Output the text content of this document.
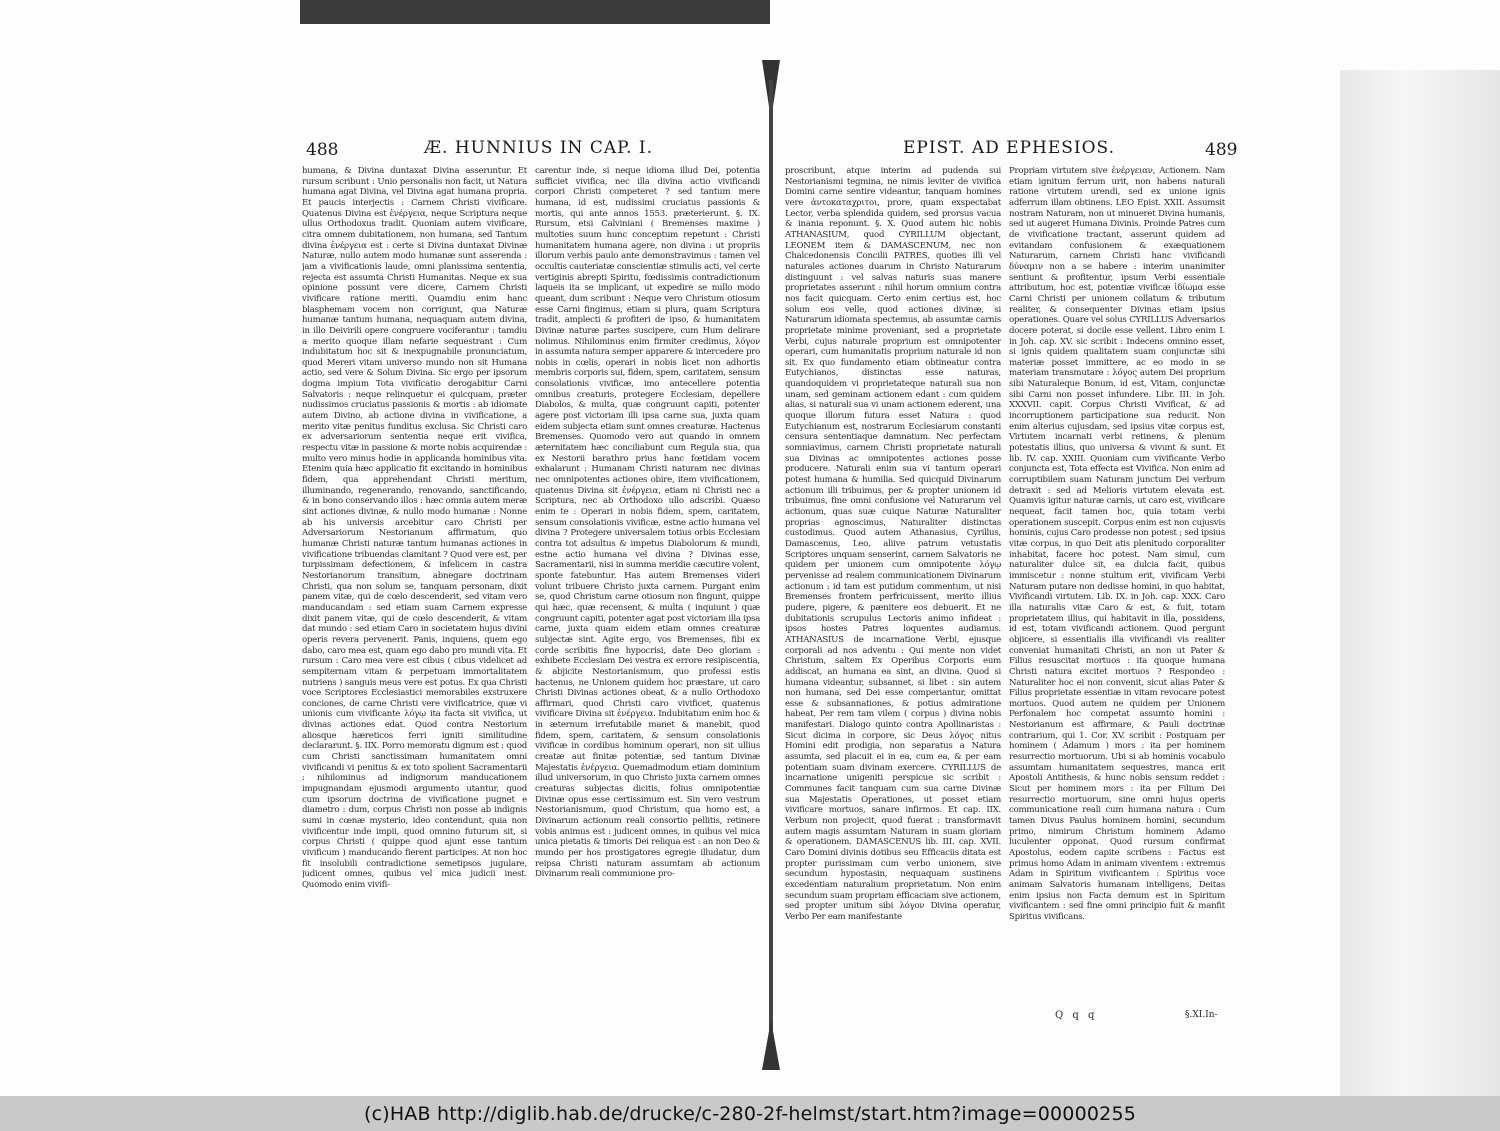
488	Æ. HUNNIUS IN CAP. I.

humana, & Divina duntaxat Divina asseruntur. Et rursum scribunt : Unio personalis non facit, ut Natura humana agat Divina, vel Divina agat humana propria. Et paucis interjectis : Carnem Christi vivificare. Quatenus Divina est ἐνέργεια, neque Scriptura neque ullus Orthodoxus tradit. Quoniam autem vivificare, citra omnem dubitationem, non humana, sed Tantum divina ἐνέργεια est : certe si Divina duntaxat Divinæ Naturæ, nullo autem modo humanæ sunt asserenda : jam a vivificationis laude, omni planissima sententia, rejecta est assumta Christi Humanitas. Neque ex sua opinione possunt vere dicere, Carnem Christi vivificare ratione meriti. Quamdiu enim hanc blasphemam vocem non corrigunt, qua Naturæ humanæ tantum humana, nequaquam autem divina, in illo Deivirili opere congruere vociferantur : tamdiu a merito quoque illam nefarie sequestrant : Cum indubitatum hoc sit & inexpugnabile pronunciatum, quod Mereri vitam universo mundo non sit Humana actio, sed vere & Solum Divina. Sic ergo per ipsorum dogma impium Tota vivificatio derogabitur Carni Salvatoris : neque relinquetur ei quicquam, præter nudissimos cruciatus passionis & mortis : ab idiomate autem Divino, ab actione divina in vivificatione, a merito vitæ penitus funditus exclusa. Sic Christi caro ex adversariorum sententia neque erit vivifica, respectu vitæ in passione & morte nobis acquirendæ : multo vero minus hodie in applicanda hominibus vita. Etenim quia hæc applicatio fit excitando in hominibus fidem, qua apprehendant Christi meritum, illuminando, regenerando, renovando, sanctificando, & in bono conservando illos : hæc omnia autem meræ sint actiones divinæ, & nullo modo humanæ : Nonne ab his universis arcebitur caro Christi per Adversariorum Nestorianum affirmatum, quo humanæ Christi naturæ tantum humanas actiones in vivificatione tribuendas clamitant ? Quod vere est, per turpissimam defectionem, & infelicem in castra Nestorianorum transitum, abnegare doctrinam Christi, qua non solum se, tanquam personam, dixit panem vitæ, qui de cœlo descenderit, sed vitam vero manducandam : sed etiam suam Carnem expresse dixit panem vitæ, qui de cœlo descenderit, & vitam dat mundo : sed etiam Caro in societatem hujus divini operis revera pervenerit. Panis, inquiens, quem ego dabo, caro mea est, quam ego dabo pro mundi vita. Et rursum : Caro mea vere est cibus ( cibus videlicet ad sempiternam vitam & perpetuam immortalitatem nutriens ) sanguis meus vere est potus. Ex qua Christi voce Scriptores Ecclesiastici memorabiles exstruxere conciones, de carne Christi vere vivificatrice, quæ vi unionis cum vivificante λόγῳ ita facta sit vivifica, ut divinas actiones edat. Quod contra Nestorium aliosque hæreticos ferri igniti similitudine declararunt. §. IIX. Porro memoratu dignum est : quod cum Christi sanctissimam humanitatem omni vivificandi vi penitus & ex toto spolient Sacramentarii : nihilominus ad indignorum manducationem impugnandam ejusmodi argumento utantur, quod cum ipsorum doctrina de vivificatione pugnet e diametro : dum, corpus Christi non posse ab indignis sumi in cœnæ mysterio, ideo contendunt, quia non vivificentur inde impii, quod omnino futurum sit, si corpus Christi ( quippe quod ajunt esse tantum vivificum ) manducando fierent participes. At non hoc fit insolubili contradictione semetipsos jugulare, judicent omnes, quibus vel mica judicii inest. Quomodo enim vivifi-

carentur inde, si neque idioma illud Dei, potentia sufficiet vivifica, nec illa divina actio vivificandi corpori Christi competeret ? sed tantum mere humana, id est, nudissimi cruciatus passionis & mortis, qui ante annos 1553. præterierunt. §. IX. Rursum, etsi Calviniani ( Bremenses maxime ) multoties suum hunc conceptum repetunt : Christi humanitatem humana agere, non divina : ut propriis illorum verbis paulo ante demonstravimus : tamen vel occultis cauteriatæ conscientiæ stimulis acti, vel certe vertiginis abrepti Spiritu, fœdissimis contradictionum laqueis ita se implicant, ut expedire se nullo modo queant, dum scribunt : Neque vero Christum otiosum esse Carni fingimus, etiam si plura, quam Scriptura tradit, amplecti & profiteri de ipso, & humanitatem Divinæ naturæ partes suscipere, cum Hum delirare nolimus. Nihilominus enim firmiter credimus, λόγον in assumta natura semper apparere & intercedere pro nobis in cœlis, operari in nobis licet non adhortis membris corporis sui, fidem, spem, caritatem, sensum consolationis vivificæ, imo antecellere potentia omnibus creaturis, protegere Ecclesiam, depellere Diabolos, & multa, quæ congruunt capiti, potenter agere post victoriam illi ipsa carne sua, juxta quam eidem subjecta etiam sunt omnes creaturæ. Hactenus Bremenses. Quomodo vero aut quando in omnem æternitatem hæc conciliabunt cum Regula sua, qua ex Nestorii barathro prius hanc fœtidam vocem exhalarunt : Humanam Christi naturam nec divinas nec omnipotentes actiones obire, item vivificationem, quatenus Divina sit ἐνέργεια, etiam ni Christi nec a Scriptura, nec ab Orthodoxo ullo adscribi. Quæso enim te : Operari in nobis fidem, spem, caritatem, sensum consolationis vivificæ, estne actio humana vel divina ? Protegere universalem totius orbis Ecclesiam contra tot adsultus & impetus Diabolorum & mundi, estne actio humana vel divina ? Divinas esse, Sacramentarii, nisi in summa meridie cæcutire volent, sponte fatebuntur. Has autem Bremenses videri volunt tribuere Christo juxta carnem. Purgant enim se, quod Christum carne otiosum non fingunt, quippe qui hæc, quæ recensent, & multa ( inquiunt ) quæ congruunt capiti, potenter agat post victoriam illa ipsa carne, juxta quam eidem etiam omnes creaturæ subjectæ sint. Agite ergo, vos Bremenses, fibi ex corde scribitis fine hypocrisi, date Deo gloriam : exhibete Ecclesiam Dei vestra ex errore resipiscentia, & abjicite Nestorianismum, quo professi estis hactenus, ne Unionem quidem hoc præstare, ut caro Christi Divinas actiones obeat, & a nullo Orthodoxo affirmari, quod Christi caro vivificet, quatenus vivificare Divina sit ἐνέργεια. Indubitatum enim hoc & in æternum irrefutabile manet & manebit, quod fidem, spem, caritatem, & sensum consolationis vivificæ in cordibus hominum operari, non sit ullius creatæ aut finitæ potentiæ, sed tantum Divinæ Majestatis ἐνέργεια. Quemadmodum etiam dominium illud universorum, in quo Christo juxta carnem omnes creaturas subjectas dicitis, folius omnipotentiæ Divinæ opus esse certissimum est. Sin vero vestrum Nestorianismum, quod Christum, qua homo est, a Divinarum actionum reali consortio pellitis, retinere vobis animus est : judicent omnes, in quibus vel mica unica pietatis & timoris Dei reliqua est : an non Deo & mundo per hos prostigatores egregie illudatur, dum reipsa Christi naturam assumtam ab actionum Divinarum reali communione pro-

EPIST. AD EPHESIOS.	489

proscribunt, atque interim ad pudenda sui Nestorianismi tegmina, ne nimis leviter de vivifica Domini carne sentire videantur, tanquam homines vere ἀντοκαταχριτοι, prore, quam exspectabat Lector, verba splendida quidem, sed prorsus vacua & inania reponunt. §. X. Quod autem hic nobis ATHANASIUM, quod CYRILLUM objectant, LEONEM item & DAMASCENUM, nec non Chalcedonensis Concilii PATRES, quoties illi vel naturales actiones duarum in Christo Naturarum distinguunt : vel salvas naturis suas manere proprietates asserunt : nihil horum omnium contra nos facit quicquam. Certo enim certius est, hoc solum eos velle, quod actiones divinæ, si Naturarum idiomata spectemus, ab assumtæ carnis proprietate minime proveniant, sed a proprietate Verbi, cujus naturale proprium est omnipotenter operari, cum humanitatis proprium naturale id non sit. Ex quo fundamento etiam obtineatur contra Eutychianos, distinctas esse naturas, quandoquidem vi proprietateque naturali sua non unam, sed geminam actionem edant : cum quidem alias, si naturali sua vi unam actionem ederent, una quoque illorum futura esset Natura : quod Eutychianum est, nostrarum Ecclesiarum constanti censura sententiaque damnatum. Nec perfectam somniavimus, carnem Christi proprietate naturali sua Divinas ac omnipotentes actiones posse producere. Naturali enim sua vi tantum operari potest humana & humilia. Sed quicquid Divinarum actionum illi tribuimus, per & propter unionem id tribuimus, fine omni confusione vel Naturarum vel actionum, quas suæ cuique Naturæ Naturaliter proprias agnoscimus, Naturaliter distinctas custodimus. Quod autem Athanasius, Cyrillus, Damascenus, Leo, aliive patrum vetustatis Scriptores unquam senserint, carnem Salvatoris ne quidem per unionem cum omnipotente λόγῳ pervenisse ad realem communicationem Divinarum actionum : id tam est putidum commentum, ut nisi Bremenses frontem perfricuissent, merito illius pudere, pigere, & pænitere eos debuerit. Et ne dubitationis scrupulus Lectoris animo infideat : ipsos hostes Patres loquentes audiamus. ATHANASIUS de incarnatione Verbi, ejusque corporali ad nos adventu : Qui mente non videt Christum, saltem Ex Operibus Corporis eum addiscat, an humana ea sint, an divina. Quod si humana videantur, subsannet, si libet : sin autem non humana, sed Dei esse comperiantur, omittat esse & subsannationes, & potius admiratione habeat, Per rem tam vilem ( corpus ) divina nobis manifestari. Dialogo quinto contra Apollinaristas : Sicut dicima in corpore, sic Deus λόγος nitus Homini edit prodigia, non separatus a Natura assumta, sed placuit ei in ea, cum ea, & per eam potentiam suam divinam exercere. CYRILLUS de incarnatione unigeniti perspicue sic scribit : Communes facit tanquam cum sua carne Divinæ sua Majestatis Operationes, ut posset etiam vivificare mortuos, sanare infirmos. Et cap. IIX. Verbum non projecit, quod fuerat : transformavit autem magis assumtam Naturam in suam gloriam & operationem. DAMASCENUS lib. III. cap. XVII. Caro Domini divinis dotibus seu Efficaciis ditata est propter purissimam cum verbo unionem, sive secundum hypostasin, nequaquam sustinens excedentiam naturalium proprietatum. Non enim secundum suam propriam efficaciam sive actionem, sed propter unitum sibi λόγον Divina operatur, Verbo Per eam manifestante

Propriam virtutem sive ἐνέργειαν, Actionem. Nam etiam ignitum ferrum urit, non habens naturali ratione virtutem urendi, sed ex unione ignis adferrum illam obtinens. LEO Epist. XXII. Assumsit nostram Naturam, non ut minueret Divina humanis, sed ut augeret Humana Divinis. Proinde Patres cum de vivificatione tractant, asserunt quidem ad evitandam confusionem & exæquationem Naturarum, carnem Christi hanc vivificandi δύναμιν non a se habere : interim unanimiter sentiunt & profitentur, ipsum Verbi essentiale attributum, hoc est, potentiæ vivificæ ἰδίωμα esse Carni Christi per unionem collatum & tributum realiter, & consequenter Divinas etiam ipsius operationes. Quare vel solus CYRILLUS Adversarios docere poterat, si docile esse vellent. Libro enim I. in Joh. cap. XV. sic scribit : Indecens omnino esset, si ignis quidem qualitatem suam conjunctæ sibi materiæ posset immittere, ac eo modo in se materiam transmutare : λόγος autem Dei proprium sibi Naturaleque Bonum, id est, Vitam, conjunctæ sibi Carni non posset infundere. Libr. III. in Joh. XXXVII. capit. Corpus Christi Vivificat, & ad incorruptionem participatione sua reducit. Non enim alterius cujusdam, sed ipsius vitæ corpus est, Virtutem incarnati verbi retinens, & plenum potestatis illius, quo universa & vivunt & sunt. Et lib. IV. cap. XXIII. Quoniam cum vivificante Verbo conjuncta est, Tota effecta est Vivifica. Non enim ad corruptibilem suam Naturam junctum Dei verbum detraxit : sed ad Melioris virtutem elevata est. Quamvis igitur naturæ carnis, ut caro est, vivificare nequeat, facit tamen hoc, quia totam verbi operationem suscepit. Corpus enim est non cujusvis hominis, cujus Caro prodesse non potest ; sed ipsius vitæ corpus, in quo Deit atis plenitudo corporaliter inhabitat, facere hoc potest. Nam simul, cum naturaliter dulce sit, ea dulcia facit, quibus immiscetur : nonne stultum erit, vivificam Verbi Naturam putare non dedisse homini, in quo habitat, Vivificandi virtutem. Lib. IX. in Joh. cap. XXX. Caro illa naturalis vitæ Caro & est, & fuit, totam proprietatem illius, qui habitavit in illa, possidens, id est, totam vivificandi actionem. Quod pergunt objicere, si essentialis illa vivificandi vis realiter conveniat humanitati Christi, an non ut Pater & Filius resuscitat mortuos : ita quoque humana Christi natura excitet mortuos ? Respondeo : Naturaliter hoc ei non convenit, sicut alias Pater & Filius proprietate essentiæ in vitam revocare potest mortuos. Quod autem ne quidem per Unionem Perfonalem hoc competat assumto homini : Nestorianum est affirmare, & Pauli doctrinæ contrarium, qui 1. Cor. XV. scribit : Postquam per hominem ( Adamum ) mors : ita per hominem resurrectio mortuorum. Ubi si ab hominis vocabulo assumtam humanitatem sequestres, manca erit Apostoli Antithesis, & hunc nobis sensum reddet : Sicut per hominem mors : ita per Filium Dei resurrectio mortuorum, sine omni hujus operis communicatione reali cum humana natura : Cum tamen Divus Paulus hominem homini, secundum primo, nimirum Christum hominem Adamo luculenter opponat. Quod rursum confirmat Apostolus, eodem capite scribens : Factus est primus homo Adam in animam viventem : extremus Adam in Spiritum vivificantem : Spiritus voce animam Salvatoris humanam intelligens, Deitas enim ipsius non Facta demum est in Spiritum vivificantem : sed fine omni principio fuit & manfit Spiritus vivificans.

Q q q	§.XI.In-
(c)HAB http://diglib.hab.de/drucke/c-280-2f-helmst/start.htm?image=00000255
